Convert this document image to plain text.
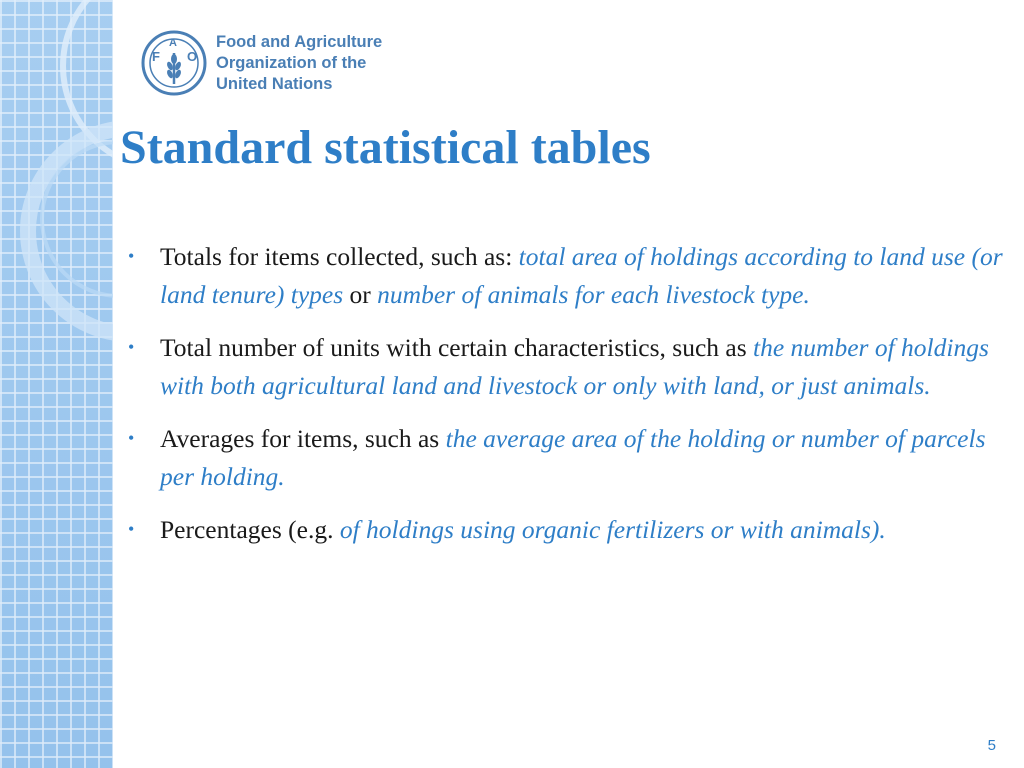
F
A
O
Food and Agriculture
Organization of the
United Nations
Standard statistical tables
• Totals for items collected, such as: total area of holdings according to land use (or land tenure) types or number of animals for each livestock type.
• Total number of units with certain characteristics, such as the number of holdings with both agricultural land and livestock or only with land, or just animals.
• Averages for items, such as the average area of the holding or number of parcels per holding.
• Percentages (e.g. of holdings using organic fertilizers or with animals).
5
